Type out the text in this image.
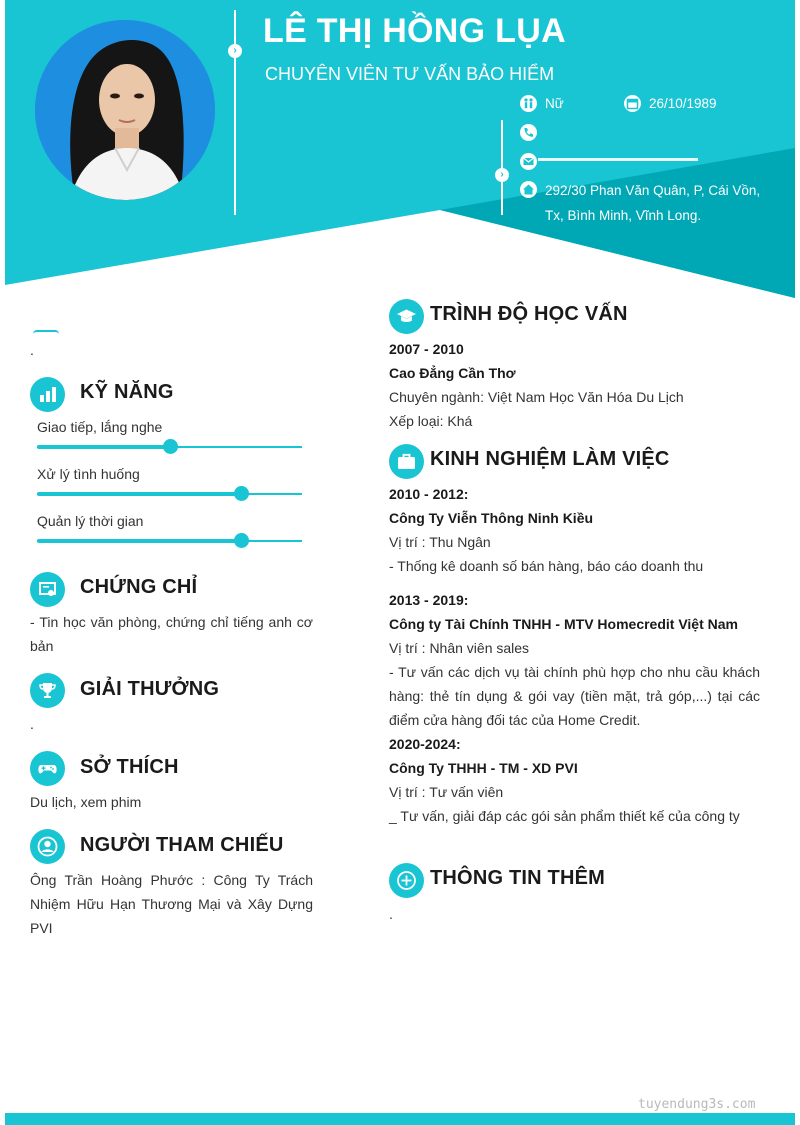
›
›
LÊ THỊ HỒNG LỤA
CHUYÊN VIÊN TƯ VẤN BẢO HIỂM
Nữ	26/10/1989
292/30 Phan Văn Quân, P, Cái Vồn,
Tx, Bình Minh, Vĩnh Long.
.
KỸ NĂNG
Giao tiếp, lắng nghe
Xử lý tình huống
Quản lý thời gian
CHỨNG CHỈ
- Tin học văn phòng, chứng chỉ tiếng anh cơ
bản
GIẢI THƯỞNG
.
SỞ THÍCH
Du lịch, xem phim
NGƯỜI THAM CHIẾU
Ông Trần Hoàng Phước : Công Ty Trách
Nhiệm Hữu Hạn Thương Mại và Xây Dựng
PVI
TRÌNH ĐỘ HỌC VẤN
2007 - 2010
Cao Đẳng Cần Thơ
Chuyên ngành: Việt Nam Học Văn Hóa Du Lịch
Xếp loại: Khá
KINH NGHIỆM LÀM VIỆC
2010 - 2012:
Công Ty Viễn Thông Ninh Kiều
Vị trí : Thu Ngân
- Thống kê doanh số bán hàng, báo cáo doanh thu
2013 - 2019:
Công ty Tài Chính TNHH - MTV Homecredit Việt Nam
Vị trí : Nhân viên sales
- Tư vấn các dịch vụ tài chính phù hợp cho nhu cầu khách
hàng: thẻ tín dụng & gói vay (tiền mặt, trả góp,...) tại các
điểm cửa hàng đối tác của Home Credit.
2020-2024:
Công Ty THHH - TM - XD PVI
Vị trí : Tư vấn viên
_ Tư vấn, giải đáp các gói sản phẩm thiết kế của công ty
THÔNG TIN THÊM
.
tuyendung3s.com
